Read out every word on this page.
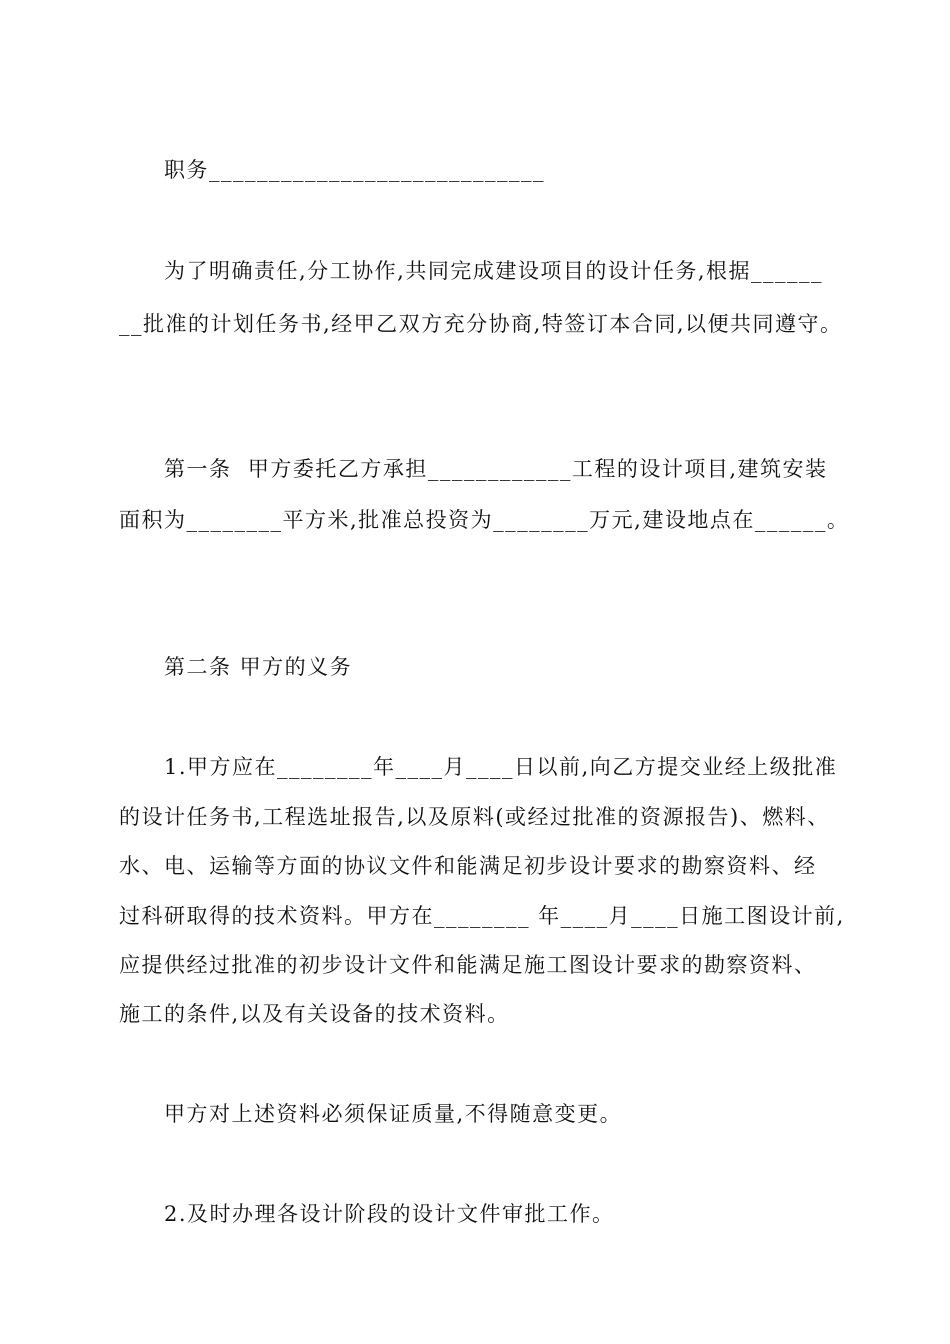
职务____________________________
为了明确责任,分工协作,共同完成建设项目的设计任务,根据______
__批准的计划任务书,经甲乙双方充分协商,特签订本合同,以便共同遵守。
第一条  甲方委托乙方承担____________工程的设计项目,建筑安装
面积为________平方米,批准总投资为________万元,建设地点在______。
第二条 甲方的义务
1.甲方应在________年____月____日以前,向乙方提交业经上级批准
的设计任务书,工程选址报告,以及原料(或经过批准的资源报告)、燃料、
水、电、运输等方面的协议文件和能满足初步设计要求的勘察资料、经
过科研取得的技术资料。甲方在________ 年____月____日施工图设计前,
应提供经过批准的初步设计文件和能满足施工图设计要求的勘察资料、
施工的条件,以及有关设备的技术资料。
甲方对上述资料必须保证质量,不得随意变更。
2.及时办理各设计阶段的设计文件审批工作。
